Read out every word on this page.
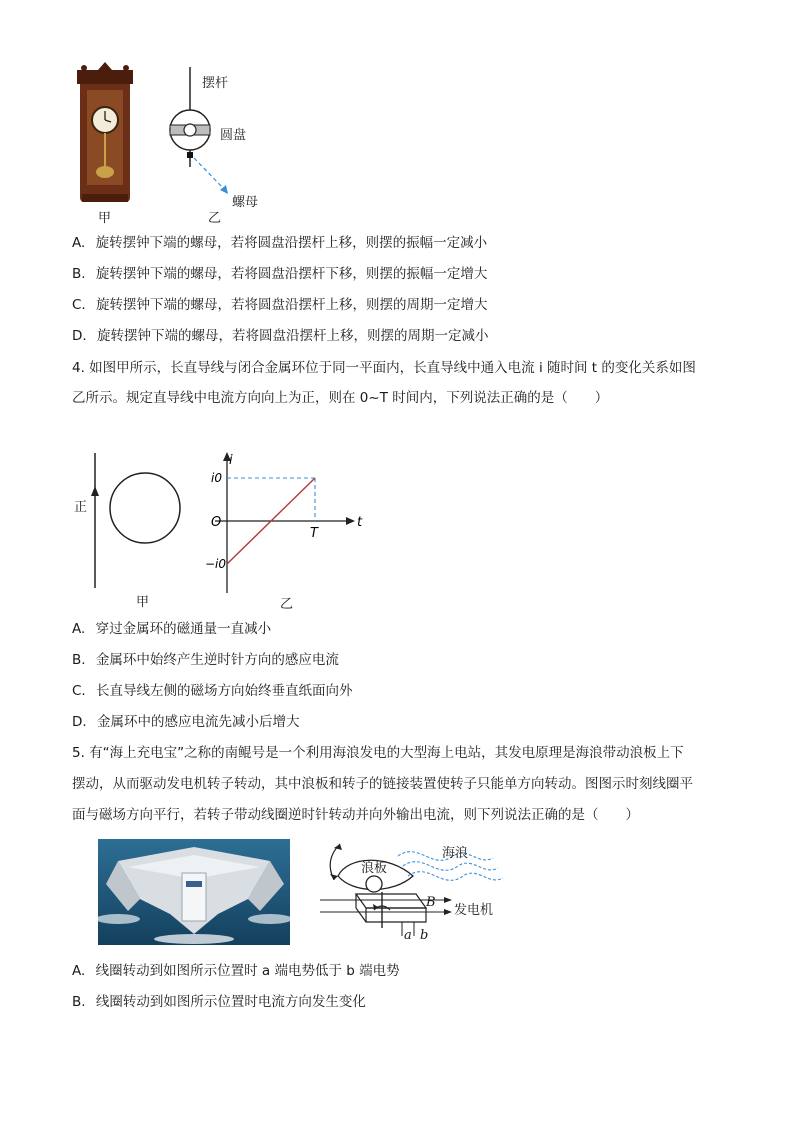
摆杆
圆盘
螺母
甲	乙
A. 旋转摆钟下端的螺母，若将圆盘沿摆杆上移，则摆的振幅一定减小
B. 旋转摆钟下端的螺母，若将圆盘沿摆杆下移，则摆的振幅一定增大
C. 旋转摆钟下端的螺母，若将圆盘沿摆杆上移，则摆的周期一定增大
D. 旋转摆钟下端的螺母，若将圆盘沿摆杆上移，则摆的周期一定减小
4. 如图甲所示，长直导线与闭合金属环位于同一平面内，长直导线中通入电流 i 随时间 t 的变化关系如图
乙所示。规定直导线中电流方向向上为正，则在 0~T 时间内，下列说法正确的是（　　）
正
甲
i
t
O
T
i0
−i0
乙
A. 穿过金属环的磁通量一直减小
B. 金属环中始终产生逆时针方向的感应电流
C. 长直导线左侧的磁场方向始终垂直纸面向外
D. 金属环中的感应电流先减小后增大
5. 有“海上充电宝”之称的南鲲号是一个利用海浪发电的大型海上电站，其发电原理是海浪带动浪板上下
摆动，从而驱动发电机转子转动，其中浪板和转子的链接装置使转子只能单方向转动。图图示时刻线圈平
面与磁场方向平行，若转子带动线圈逆时针转动并向外输出电流，则下列说法正确的是（　　）
浪板
海浪
B
发电机
a b
A. 线圈转动到如图所示位置时 a 端电势低于 b 端电势
B. 线圈转动到如图所示位置时电流方向发生变化
